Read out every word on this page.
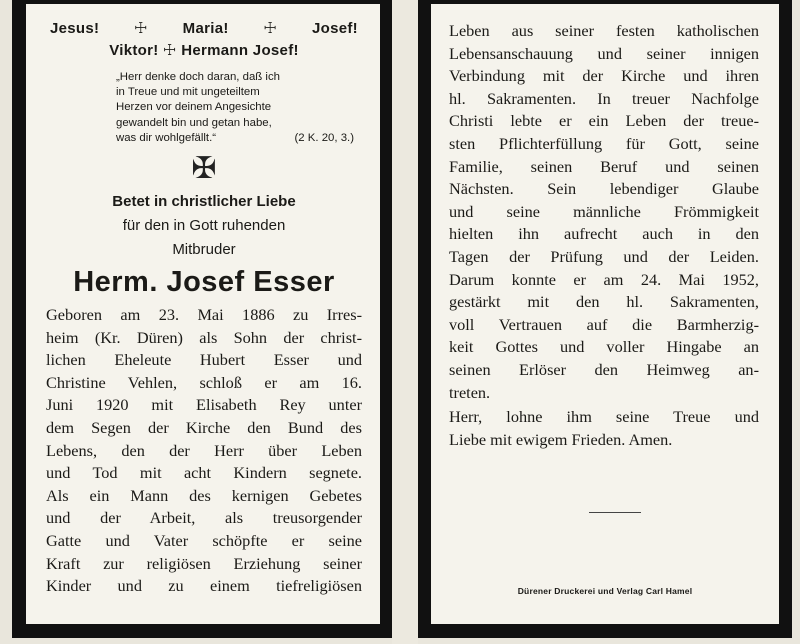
Jesus! ☩ Maria! ☩ Josef!
Viktor! ☩ Hermann Josef!
„Herr denke doch daran, daß ich
in Treue und mit ungeteiltem
Herzen vor deinem Angesichte
gewandelt bin und getan habe,
was dir wohlgefällt.“	(2 K. 20, 3.)
✠
Betet in christlicher Liebe
für den in Gott ruhenden
Mitbruder
Herm. Josef Esser
Geboren am 23. Mai 1886 zu Irres-
heim (Kr. Düren) als Sohn der christ-
lichen Eheleute Hubert Esser und
Christine Vehlen, schloß er am 16.
Juni 1920 mit Elisabeth Rey unter
dem Segen der Kirche den Bund des
Lebens, den der Herr über Leben
und Tod mit acht Kindern segnete.
Als ein Mann des kernigen Gebetes
und der Arbeit, als treusorgender
Gatte und Vater schöpfte er seine
Kraft zur religiösen Erziehung seiner
Kinder und zu einem tiefreligiösen
Leben aus seiner festen katholischen
Lebensanschauung und seiner innigen
Verbindung mit der Kirche und ihren
hl. Sakramenten. In treuer Nachfolge
Christi lebte er ein Leben der treue-
sten Pflichterfüllung für Gott, seine
Familie, seinen Beruf und seinen
Nächsten. Sein lebendiger Glaube
und seine männliche Frömmigkeit
hielten ihn aufrecht auch in den
Tagen der Prüfung und der Leiden.
Darum konnte er am 24. Mai 1952,
gestärkt mit den hl. Sakramenten,
voll Vertrauen auf die Barmherzig-
keit Gottes und voller Hingabe an
seinen Erlöser den Heimweg an-
treten.
Herr, lohne ihm seine Treue und
Liebe mit ewigem Frieden. Amen.
Dürener Druckerei und Verlag Carl Hamel
